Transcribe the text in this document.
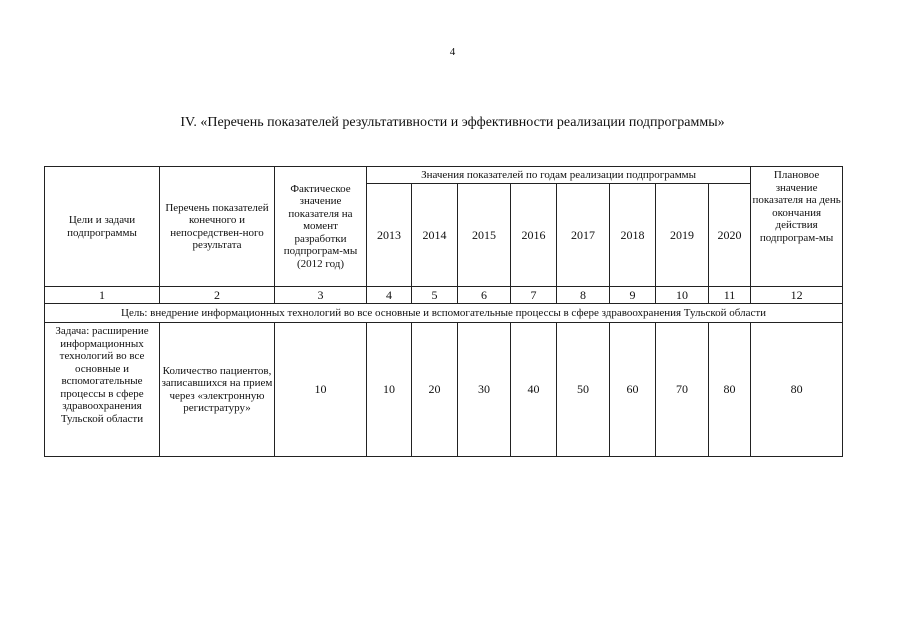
4
IV. «Перечень показателей результативности и эффективности реализации подпрограммы»
Цели и задачи подпрограммы	Перечень показателей конечного и непосредствен-ного результата	Фактическое значение показателя на момент разработки подпрограм-мы (2012 год)	Значения показателей по годам реализации подпрограммы								Плановое значение показателя на день окончания действия подпрограм-мы
			2013	2014	2015	2016	2017	2018	2019	2020	
1	2	3	4	5	6	7	8	9	10	11	12
Цель: внедрение информационных технологий во все основные и вспомогательные процессы в сфере здравоохранения Тульской области											
Задача: расширение информационных технологий во все основные и вспомогательные процессы в сфере здравоохранения Тульской области	Количество пациентов, записавшихся на прием через «электронную регистратуру»	10	10	20	30	40	50	60	70	80	80
